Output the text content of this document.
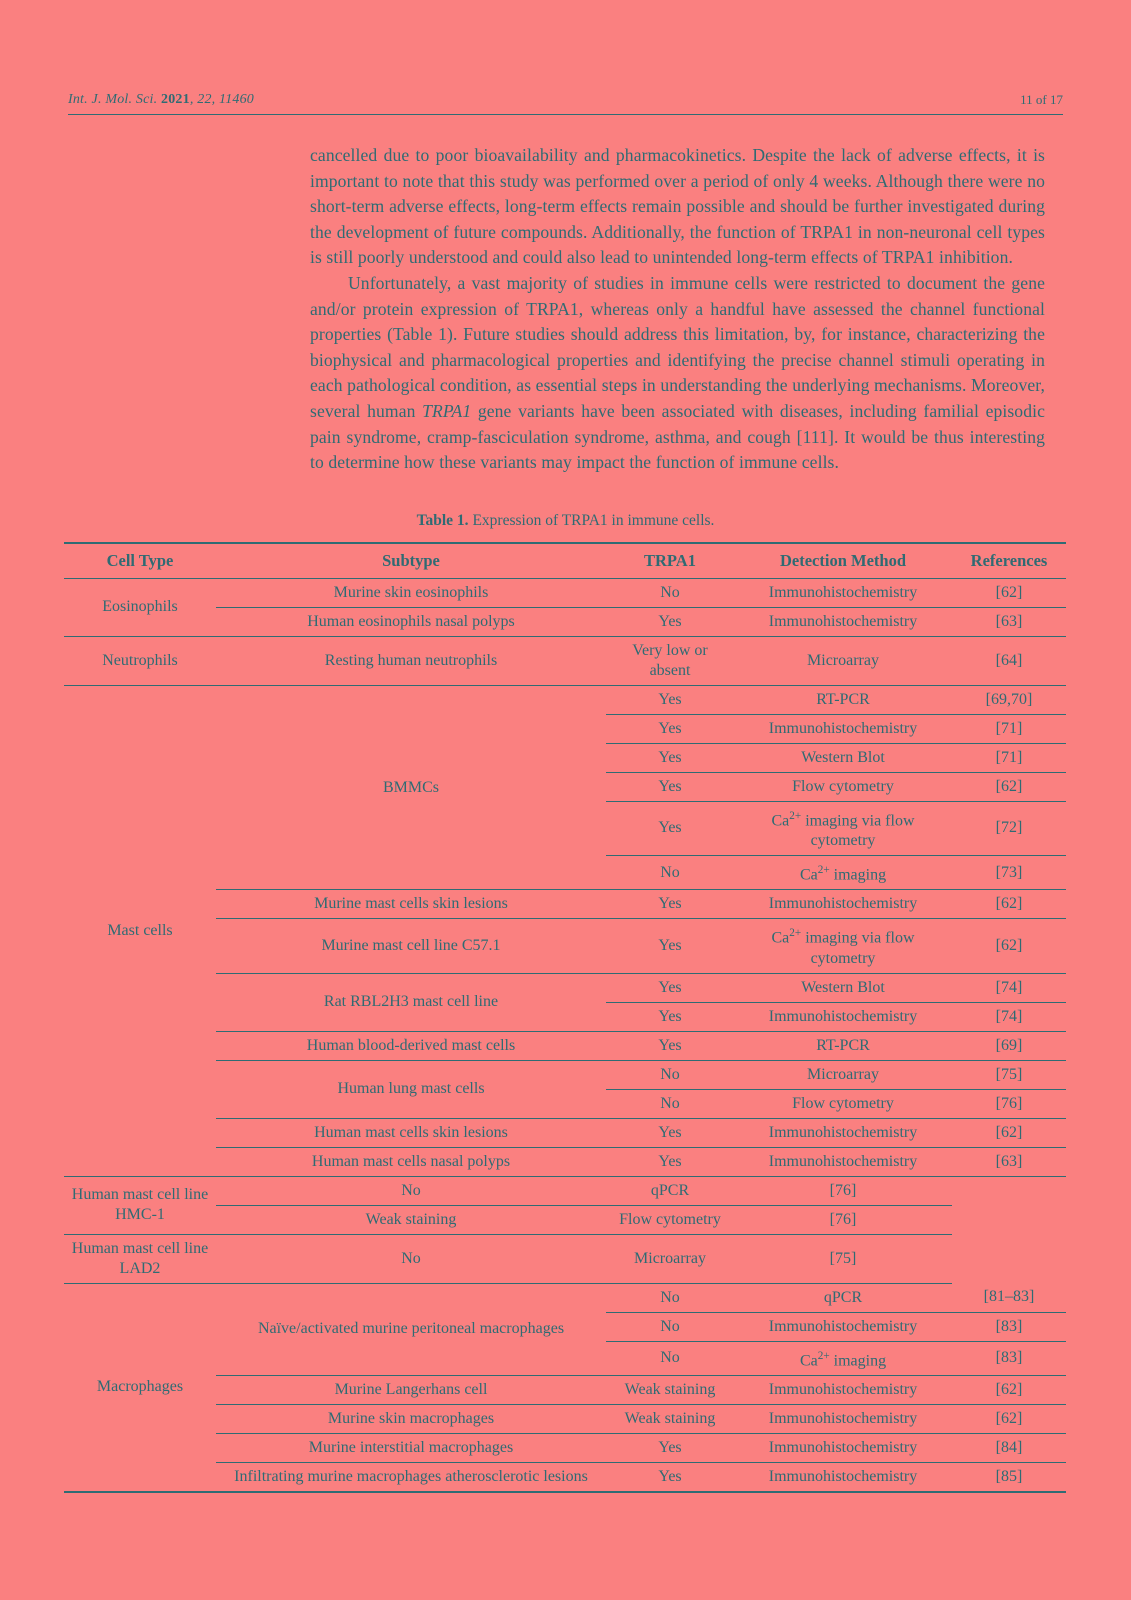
Int. J. Mol. Sci. 2021, 22, 11460	11 of 17

cancelled due to poor bioavailability and pharmacokinetics. Despite the lack of adverse effects, it is important to note that this study was performed over a period of only 4 weeks. Although there were no short-term adverse effects, long-term effects remain possible and should be further investigated during the development of future compounds. Additionally, the function of TRPA1 in non-neuronal cell types is still poorly understood and could also lead to unintended long-term effects of TRPA1 inhibition.

Unfortunately, a vast majority of studies in immune cells were restricted to document the gene and/or protein expression of TRPA1, whereas only a handful have assessed the channel functional properties (Table 1). Future studies should address this limitation, by, for instance, characterizing the biophysical and pharmacological properties and identifying the precise channel stimuli operating in each pathological condition, as essential steps in understanding the underlying mechanisms. Moreover, several human TRPA1 gene variants have been associated with diseases, including familial episodic pain syndrome, cramp-fasciculation syndrome, asthma, and cough [111]. It would be thus interesting to determine how these variants may impact the function of immune cells.

Table 1. Expression of TRPA1 in immune cells.
Cell Type	Subtype	TRPA1	Detection Method	References
Eosinophils	Murine skin eosinophils	No	Immunohistochemistry	[62]
	Human eosinophils nasal polyps	Yes	Immunohistochemistry	[63]
Neutrophils	Resting human neutrophils	Very low or absent	Microarray	[64]
Mast cells	BMMCs	Yes	RT-PCR	[69,70]
		Yes	Immunohistochemistry	[71]
		Yes	Western Blot	[71]
		Yes	Flow cytometry	[62]
		Yes	$Ca^{2+}$ imaging via flow cytometry	[72]
		No	$Ca^{2+}$ imaging	[73]
	Murine mast cells skin lesions	Yes	Immunohistochemistry	[62]
	Murine mast cell line C57.1	Yes	$Ca^{2+}$ imaging via flow cytometry	[62]
	Rat RBL2H3 mast cell line	Yes	Western Blot	[74]
		Yes	Immunohistochemistry	[74]
	Human blood-derived mast cells	Yes	RT-PCR	[69]
	Human lung mast cells	No	Microarray	[75]
		No	Flow cytometry	[76]
	Human mast cells skin lesions	Yes	Immunohistochemistry	[62]
	Human mast cells nasal polyps	Yes	Immunohistochemistry	[63]
Human mast cell line HMC-1	No	qPCR	[76]	
	Weak staining	Flow cytometry	[76]	
Human mast cell line LAD2	No	Microarray	[75]	
Macrophages	Naïve/activated murine peritoneal macrophages	No	qPCR	[81–83]
		No	Immunohistochemistry	[83]
		No	$Ca^{2+}$ imaging	[83]
	Murine Langerhans cell	Weak staining	Immunohistochemistry	[62]
	Murine skin macrophages	Weak staining	Immunohistochemistry	[62]
	Murine interstitial macrophages	Yes	Immunohistochemistry	[84]
	Infiltrating murine macrophages atherosclerotic lesions	Yes	Immunohistochemistry	[85]
